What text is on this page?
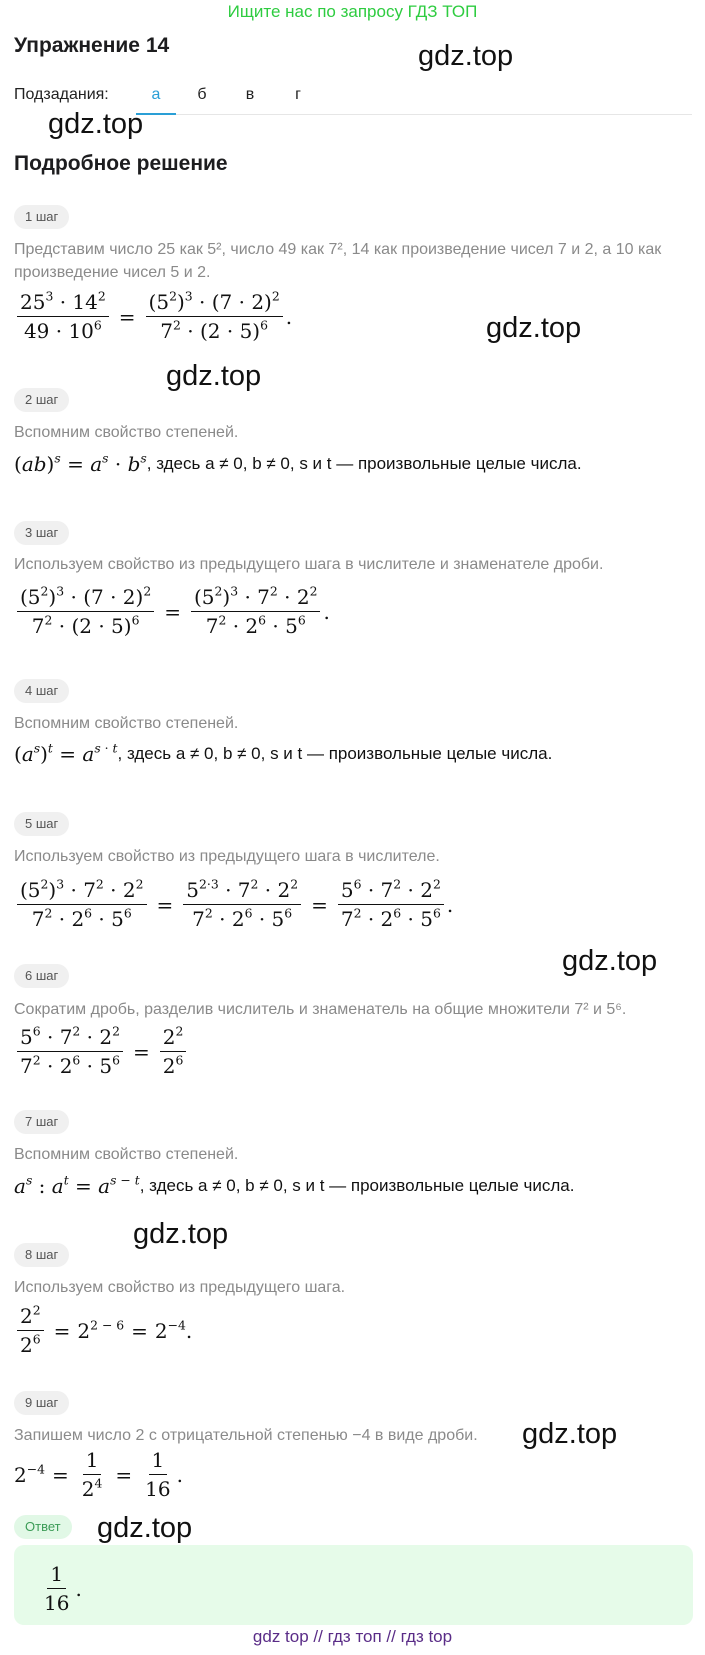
Ищите нас по запросу ГДЗ ТОП
Упражнение 14
Подзадания:	а	б	в	г
gdz.top
gdz.top
gdz.top
gdz.top
gdz.top
gdz.top
gdz.top
gdz.top
Подробное решение
1 шаг
Представим число 25 как 5², число 49 как 7², 14 как произведение чисел 7 и 2, а 10 как произведение чисел 5 и 2.
$\frac{25^3 \cdot 14^2}{49 \cdot 10^6} = \frac{(5^2)^3 \cdot (7 \cdot 2)^2}{7^2 \cdot (2 \cdot 5)^6}$ .
2 шаг
Вспомним свойство степеней.
$(ab)^s = a^s \cdot b^s$ , здесь a ≠ 0, b ≠ 0, s и t — произвольные целые числа.
3 шаг
Используем свойство из предыдущего шага в числителе и знаменателе дроби.
$\frac{(5^2)^3 \cdot (7 \cdot 2)^2}{7^2 \cdot (2 \cdot 5)^6} = \frac{(5^2)^3 \cdot 7^2 \cdot 2^2}{7^2 \cdot 2^6 \cdot 5^6}$ .
4 шаг
Вспомним свойство степеней.
$(a^s)^t = a^{s \cdot t}$ , здесь a ≠ 0, b ≠ 0, s и t — произвольные целые числа.
5 шаг
Используем свойство из предыдущего шага в числителе.
$\frac{(5^2)^3 \cdot 7^2 \cdot 2^2}{7^2 \cdot 2^6 \cdot 5^6} = \frac{5^{2\cdot 3} \cdot 7^2 \cdot 2^2}{7^2 \cdot 2^6 \cdot 5^6} = \frac{5^6 \cdot 7^2 \cdot 2^2}{7^2 \cdot 2^6 \cdot 5^6}$ .
6 шаг
Сократим дробь, разделив числитель и знаменатель на общие множители 7² и 5⁶.
$\frac{5^6 \cdot 7^2 \cdot 2^2}{7^2 \cdot 2^6 \cdot 5^6} = \frac{2^2}{2^6}$
7 шаг
Вспомним свойство степеней.
$a^s$ : $a^t = a^{s - t}$ , здесь a ≠ 0, b ≠ 0, s и t — произвольные целые числа.
8 шаг
Используем свойство из предыдущего шага.
$\frac{2^2}{2^6} = 2^{2 - 6} = 2^{-4}$ .
9 шаг
Запишем число 2 с отрицательной степенью −4 в виде дроби.
$2^{-4} = \frac{1}{2^4} = \frac{1}{16}$ .
Ответ
$\frac{1}{16}$ .
gdz top // гдз топ // гдз top
